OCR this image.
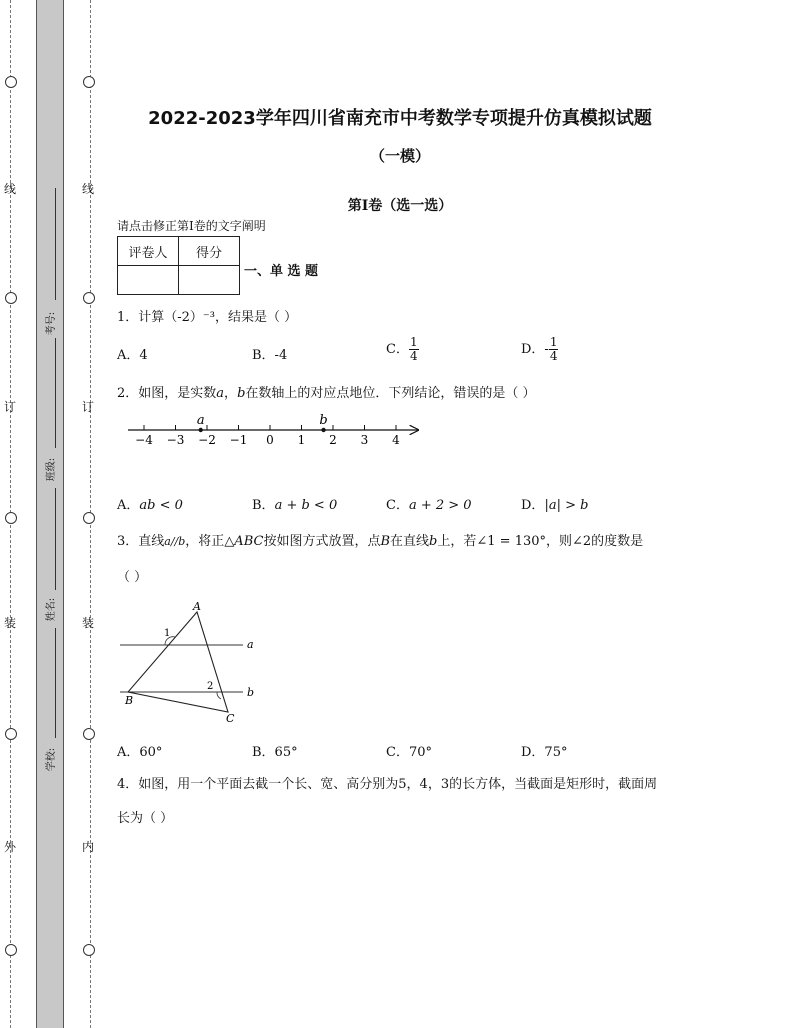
线
订
装
外
线
订
装
内
考号:
班级:
姓名:
学校:
2022-2023学年四川省南充市中考数学专项提升仿真模拟试题
（一模）
第I卷（选一选）
请点击修正第Ⅰ卷的文字阐明
评卷人	得分

一、单 选 题
1．计算（-2）⁻³，结果是（ ）
A．4	B．-4	C． $\frac{1}{4}$	D．- $\frac{1}{4}$
2．如图，是实数a，b在数轴上的对应点地位．下列结论，错误的是（ ）
−4 −3 −2 −1 0 1 2 3 4
a	b
A．ab < 0	B．a + b < 0	C．a + 2 > 0	D．|a| > b
3．直线a//b，将正△ABC按如图方式放置，点B在直线b上，若∠1 = 130°，则∠2的度数是
（ ）
A
B
C
1
2
a
b
A．60°	B．65°	C．70°	D．75°
4．如图，用一个平面去截一个长、宽、高分别为5，4，3的长方体，当截面是矩形时，截面周
长为（ ）
